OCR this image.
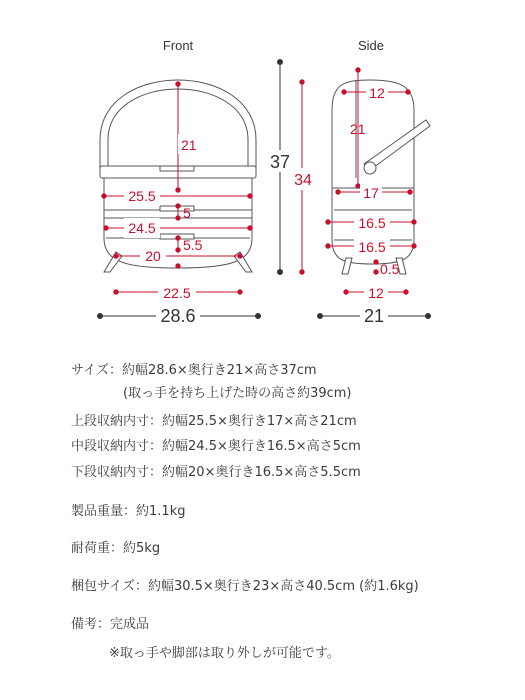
Front	Side
21
25.5
5
24.5
5.5
20
22.5
37
28.6
12
21
34
17
16.5
16.5
0.5
12
21
サイズ：約幅28.6×奥行き21×高さ37cm
(取っ手を持ち上げた時の高さ約39cm)
上段収納内寸：約幅25.5×奥行き17×高さ21cm
中段収納内寸：約幅24.5×奥行き16.5×高さ5cm
下段収納内寸：約幅20×奥行き16.5×高さ5.5cm
製品重量：約1.1kg
耐荷重：約5kg
梱包サイズ：約幅30.5×奥行き23×高さ40.5cm (約1.6kg)
備考：完成品
※取っ手や脚部は取り外しが可能です。
